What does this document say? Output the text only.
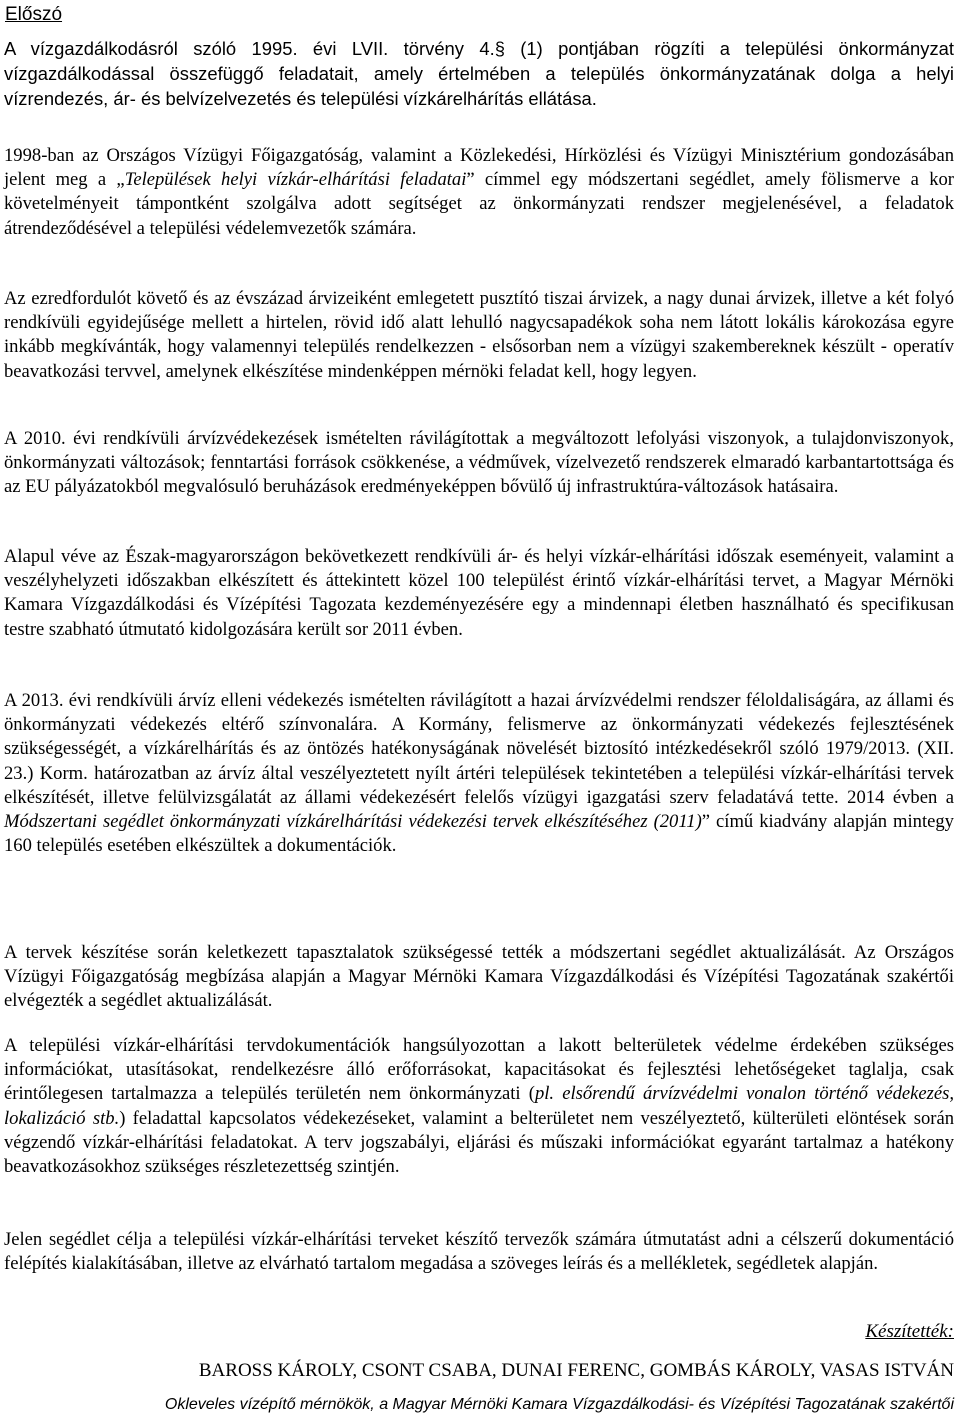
Előszó

A vízgazdálkodásról szóló 1995. évi LVII. törvény 4.§ (1) pontjában rögzíti a települési önkormányzat vízgazdálkodással összefüggő feladatait, amely értelmében a település önkormányzatának dolga a helyi vízrendezés, ár- és belvízelvezetés és települési vízkárelhárítás ellátása.

1998-ban az Országos Vízügyi Főigazgatóság, valamint a Közlekedési, Hírközlési és Vízügyi Minisztérium gondozásában jelent meg a „Települések helyi vízkár-elhárítási feladatai” címmel egy módszertani segédlet, amely fölismerve a kor követelményeit támpontként szolgálva adott segítséget az önkormányzati rendszer megjelenésével, a feladatok átrendeződésével a települési védelemvezetők számára.

Az ezredfordulót követő és az évszázad árvizeiként emlegetett pusztító tiszai árvizek, a nagy dunai árvizek, illetve a két folyó rendkívüli egyidejűsége mellett a hirtelen, rövid idő alatt lehulló nagycsapadékok soha nem látott lokális károkozása egyre inkább megkívánták, hogy valamennyi település rendelkezzen - elsősorban nem a vízügyi szakembereknek készült - operatív beavatkozási tervvel, amelynek elkészítése mindenképpen mérnöki feladat kell, hogy legyen.

A 2010. évi rendkívüli árvízvédekezések ismételten rávilágítottak a megváltozott lefolyási viszonyok, a tulajdonviszonyok, önkormányzati változások; fenntartási források csökkenése, a védművek, vízelvezető rendszerek elmaradó karbantartottsága és az EU pályázatokból megvalósuló beruházások eredményeképpen bővülő új infrastruktúra-változások hatásaira.

Alapul véve az Észak-magyarországon bekövetkezett rendkívüli ár- és helyi vízkár-elhárítási időszak eseményeit, valamint a veszélyhelyzeti időszakban elkészített és áttekintett közel 100 települést érintő vízkár-elhárítási tervet, a Magyar Mérnöki Kamara Vízgazdálkodási és Vízépítési Tagozata kezdeményezésére egy a mindennapi életben használható és specifikusan testre szabható útmutató kidolgozására került sor 2011 évben.

A 2013. évi rendkívüli árvíz elleni védekezés ismételten rávilágított a hazai árvízvédelmi rendszer féloldaliságára, az állami és önkormányzati védekezés eltérő színvonalára. A Kormány, felismerve az önkormányzati védekezés fejlesztésének szükségességét, a vízkárelhárítás és az öntözés hatékonyságának növelését biztosító intézkedésekről szóló 1979/2013. (XII. 23.) Korm. határozatban az árvíz által veszélyeztetett nyílt ártéri települések tekintetében a települési vízkár-elhárítási tervek elkészítését, illetve felülvizsgálatát az állami védekezésért felelős vízügyi igazgatási szerv feladatává tette. 2014 évben a Módszertani segédlet önkormányzati vízkárelhárítási védekezési tervek elkészítéséhez (2011)” című kiadvány alapján mintegy 160 település esetében elkészültek a dokumentációk.

A tervek készítése során keletkezett tapasztalatok szükségessé tették a módszertani segédlet aktualizálását. Az Országos Vízügyi Főigazgatóság megbízása alapján a Magyar Mérnöki Kamara Vízgazdálkodási és Vízépítési Tagozatának szakértői elvégezték a segédlet aktualizálását.

A települési vízkár-elhárítási tervdokumentációk hangsúlyozottan a lakott belterületek védelme érdekében szükséges információkat, utasításokat, rendelkezésre álló erőforrásokat, kapacitásokat és fejlesztési lehetőségeket taglalja, csak érintőlegesen tartalmazza a település területén nem önkormányzati (pl. elsőrendű árvízvédelmi vonalon történő védekezés, lokalizáció stb.) feladattal kapcsolatos védekezéseket, valamint a belterületet nem veszélyeztető, külterületi elöntések során végzendő vízkár-elhárítási feladatokat. A terv jogszabályi, eljárási és műszaki információkat egyaránt tartalmaz a hatékony beavatkozásokhoz szükséges részletezettség szintjén.

Jelen segédlet célja a települési vízkár-elhárítási terveket készítő tervezők számára útmutatást adni a célszerű dokumentáció felépítés kialakításában, illetve az elvárható tartalom megadása a szöveges leírás és a mellékletek, segédletek alapján.

Készítették:

BAROSS KÁROLY, CSONT CSABA, DUNAI FERENC, GOMBÁS KÁROLY, VASAS ISTVÁN

Okleveles vízépítő mérnökök, a Magyar Mérnöki Kamara Vízgazdálkodási- és Vízépítési Tagozatának szakértői
